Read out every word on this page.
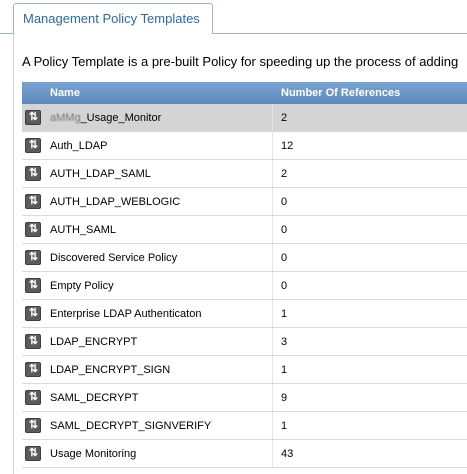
Management Policy Templates
A Policy Template is a pre-built Policy for speeding up the process of adding
Name	Number Of References
⇅	aMMg_Usage_Monitor	2
⇅	Auth_LDAP	12
⇅	AUTH_LDAP_SAML	2
⇅	AUTH_LDAP_WEBLOGIC	0
⇅	AUTH_SAML	0
⇅	Discovered Service Policy	0
⇅	Empty Policy	0
⇅	Enterprise LDAP Authenticaton	1
⇅	LDAP_ENCRYPT	3
⇅	LDAP_ENCRYPT_SIGN	1
⇅	SAML_DECRYPT	9
⇅	SAML_DECRYPT_SIGNVERIFY	1
⇅	Usage Monitoring	43
